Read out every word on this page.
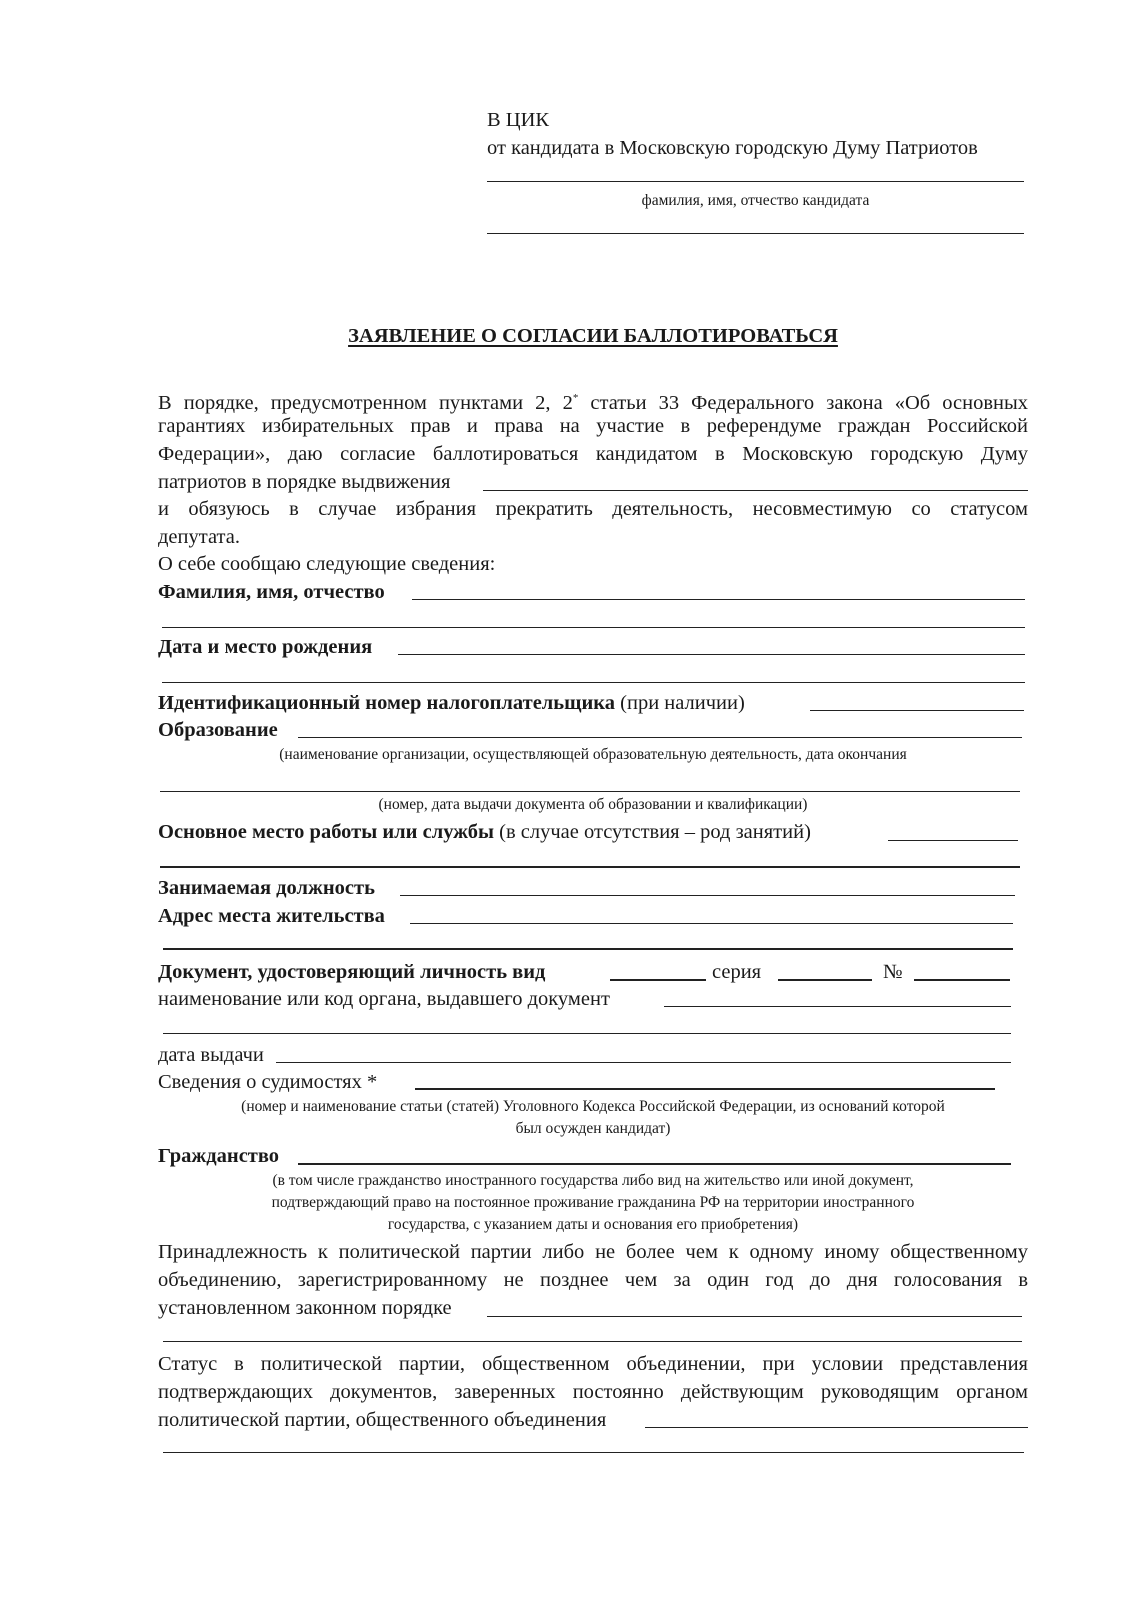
В ЦИК
от кандидата в Московскую городскую Думу Патриотов
фамилия, имя, отчество кандидата
ЗАЯВЛЕНИЕ О СОГЛАСИИ БАЛЛОТИРОВАТЬСЯ
В порядке, предусмотренном пунктами 2, 2* статьи 33 Федерального закона «Об основных
гарантиях избирательных прав и права на участие в референдуме граждан Российской
Федерации», даю согласие баллотироваться кандидатом в Московскую городскую Думу
патриотов в порядке выдвижения
и обязуюсь в случае избрания прекратить деятельность, несовместимую со статусом
депутата.
О себе сообщаю следующие сведения:
Фамилия, имя, отчество
Дата и место рождения
Идентификационный номер налогоплательщика (при наличии)
Образование
(наименование организации, осуществляющей образовательную деятельность, дата окончания
(номер, дата выдачи документа об образовании и квалификации)
Основное место работы или службы (в случае отсутствия – род занятий)
Занимаемая должность
Адрес места жительства
Документ, удостоверяющий личность вид	серия	№
наименование или код органа, выдавшего документ
дата выдачи
Сведения о судимостях *
(номер и наименование статьи (статей) Уголовного Кодекса Российской Федерации, из оснований которой
был осужден кандидат)
Гражданство
(в том числе гражданство иностранного государства либо вид на жительство или иной документ,
подтверждающий право на постоянное проживание гражданина РФ на территории иностранного
государства, с указанием даты и основания его приобретения)
Принадлежность к политической партии либо не более чем к одному иному общественному
объединению, зарегистрированному не позднее чем за один год до дня голосования в
установленном законном порядке
Статус в политической партии, общественном объединении, при условии представления
подтверждающих документов, заверенных постоянно действующим руководящим органом
политической партии, общественного объединения
